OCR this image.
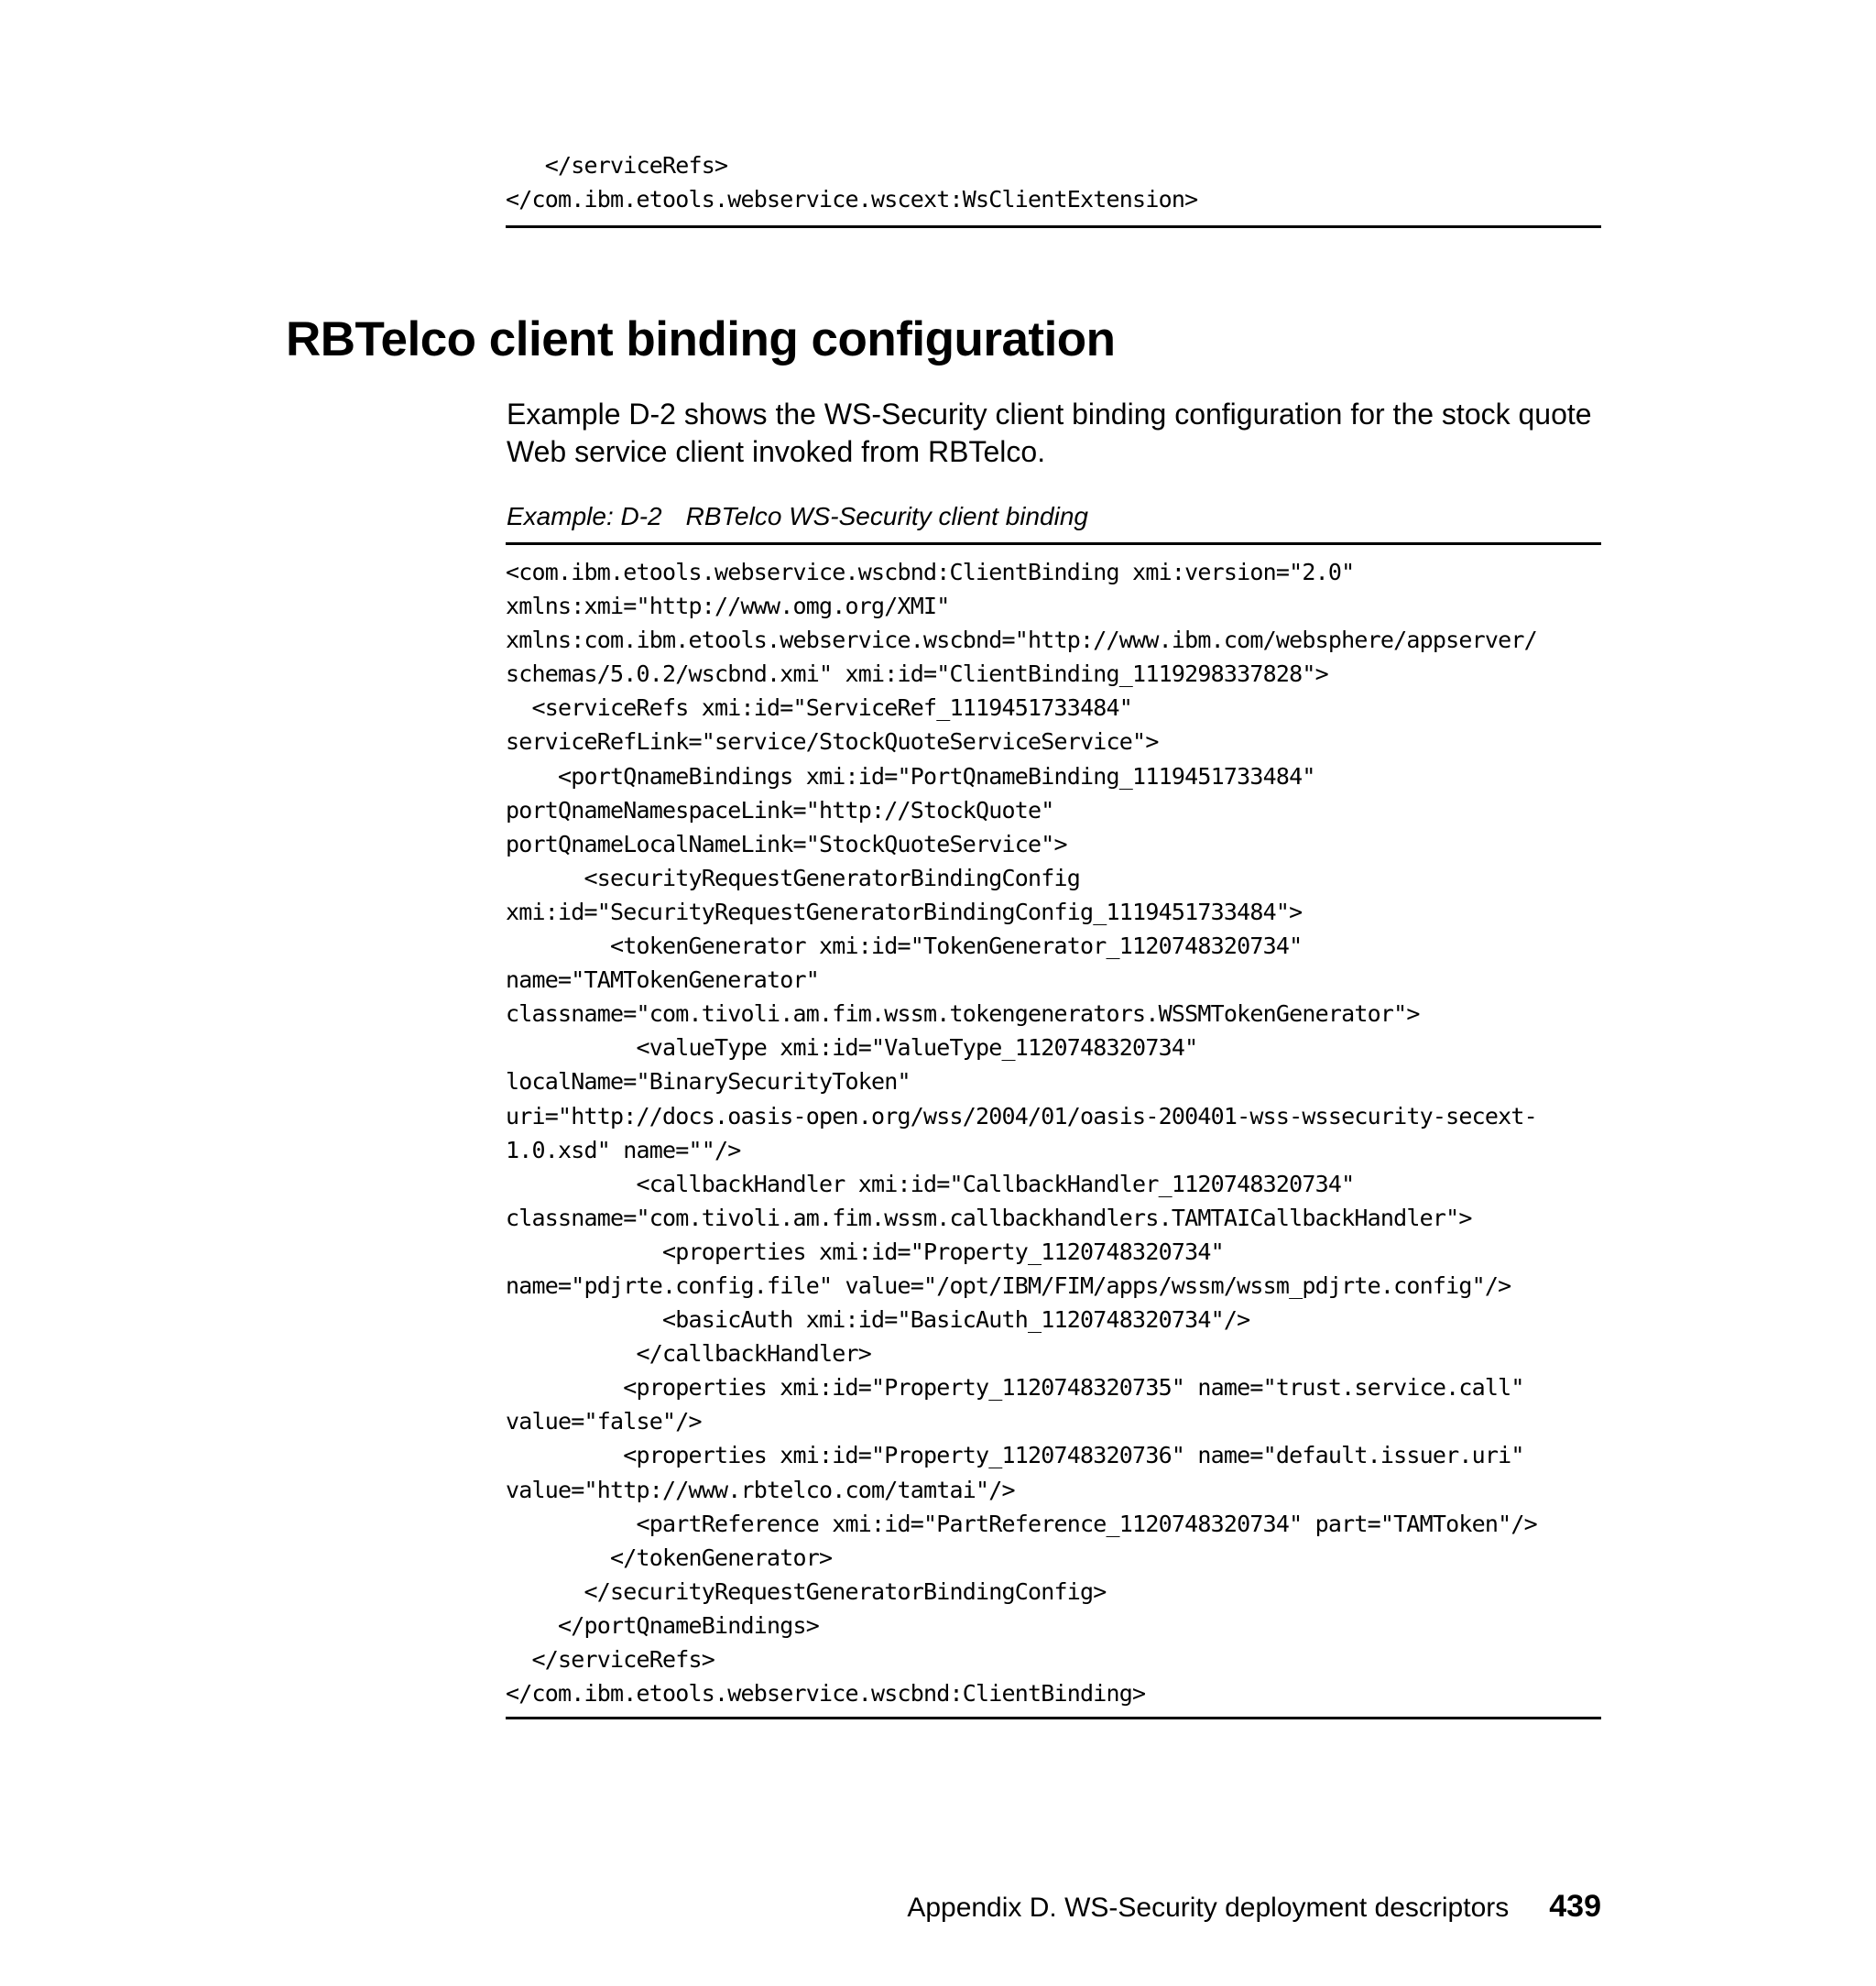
</serviceRefs>
</com.ibm.etools.webservice.wscext:WsClientExtension>
RBTelco client binding configuration

Example D-2 shows the WS-Security client binding configuration for the stock quote Web service client invoked from RBTelco.

Example: D-2 RBTelco WS-Security client binding

<com.ibm.etools.webservice.wscbnd:ClientBinding xmi:version="2.0"
xmlns:xmi="http://www.omg.org/XMI"
xmlns:com.ibm.etools.webservice.wscbnd="http://www.ibm.com/websphere/appserver/
schemas/5.0.2/wscbnd.xmi" xmi:id="ClientBinding_1119298337828">
<serviceRefs xmi:id="ServiceRef_1119451733484"
serviceRefLink="service/StockQuoteServiceService">
<portQnameBindings xmi:id="PortQnameBinding_1119451733484"
portQnameNamespaceLink="http://StockQuote"
portQnameLocalNameLink="StockQuoteService">
<securityRequestGeneratorBindingConfig
xmi:id="SecurityRequestGeneratorBindingConfig_1119451733484">
<tokenGenerator xmi:id="TokenGenerator_1120748320734"
name="TAMTokenGenerator"
classname="com.tivoli.am.fim.wssm.tokengenerators.WSSMTokenGenerator">
<valueType xmi:id="ValueType_1120748320734"
localName="BinarySecurityToken"
uri="http://docs.oasis-open.org/wss/2004/01/oasis-200401-wss-wssecurity-secext-
1.0.xsd" name=""/>
<callbackHandler xmi:id="CallbackHandler_1120748320734"
classname="com.tivoli.am.fim.wssm.callbackhandlers.TAMTAICallbackHandler">
<properties xmi:id="Property_1120748320734"
name="pdjrte.config.file" value="/opt/IBM/FIM/apps/wssm/wssm_pdjrte.config"/>
<basicAuth xmi:id="BasicAuth_1120748320734"/>
</callbackHandler>
<properties xmi:id="Property_1120748320735" name="trust.service.call"
value="false"/>
<properties xmi:id="Property_1120748320736" name="default.issuer.uri"
value="http://www.rbtelco.com/tamtai"/>
<partReference xmi:id="PartReference_1120748320734" part="TAMToken"/>
</tokenGenerator>
</securityRequestGeneratorBindingConfig>
</portQnameBindings>
</serviceRefs>
</com.ibm.etools.webservice.wscbnd:ClientBinding>

Appendix D. WS-Security deployment descriptors 439
